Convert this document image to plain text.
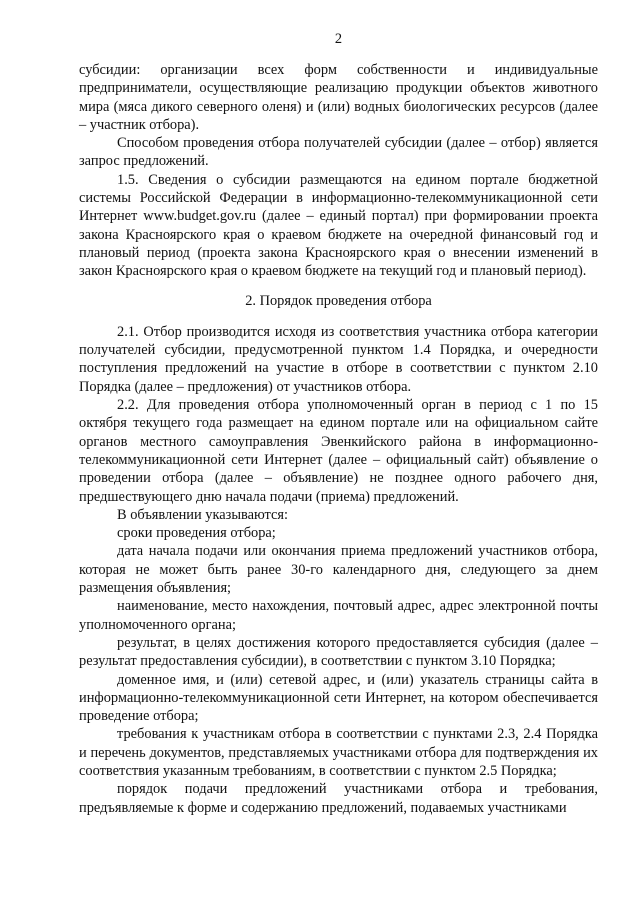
2

субсидии: организации всех форм собственности и индивидуальные предприниматели, осуществляющие реализацию продукции объектов животного мира (мяса дикого северного оленя) и (или) водных биологических ресурсов (далее – участник отбора).

Способом проведения отбора получателей субсидии (далее – отбор) является запрос предложений.

1.5. Сведения о субсидии размещаются на едином портале бюджетной системы Российской Федерации в информационно-телекоммуникационной сети Интернет www.budget.gov.ru (далее – единый портал) при формировании проекта закона Красноярского края о краевом бюджете на очередной финансовый год и плановый период (проекта закона Красноярского края о внесении изменений в закон Красноярского края о краевом бюджете на текущий год и плановый период).

2. Порядок проведения отбора

2.1. Отбор производится исходя из соответствия участника отбора категории получателей субсидии, предусмотренной пунктом 1.4 Порядка, и очередности поступления предложений на участие в отборе в соответствии с пунктом 2.10 Порядка (далее – предложения) от участников отбора.

2.2. Для проведения отбора уполномоченный орган в период с 1 по 15 октября текущего года размещает на едином портале или на официальном сайте органов местного самоуправления Эвенкийского района в информационно-телекоммуникационной сети Интернет (далее – официальный сайт) объявление о проведении отбора (далее – объявление) не позднее одного рабочего дня, предшествующего дню начала подачи (приема) предложений.

В объявлении указываются:

сроки проведения отбора;

дата начала подачи или окончания приема предложений участников отбора, которая не может быть ранее 30-го календарного дня, следующего за днем размещения объявления;

наименование, место нахождения, почтовый адрес, адрес электронной почты уполномоченного органа;

результат, в целях достижения которого предоставляется субсидия (далее – результат предоставления субсидии), в соответствии с пунктом 3.10 Порядка;

доменное имя, и (или) сетевой адрес, и (или) указатель страницы сайта в информационно-телекоммуникационной сети Интернет, на котором обеспечивается проведение отбора;

требования к участникам отбора в соответствии с пунктами 2.3, 2.4 Порядка и перечень документов, представляемых участниками отбора для подтверждения их соответствия указанным требованиям, в соответствии с пунктом 2.5 Порядка;

порядок подачи предложений участниками отбора и требования, предъявляемые к форме и содержанию предложений, подаваемых участниками
